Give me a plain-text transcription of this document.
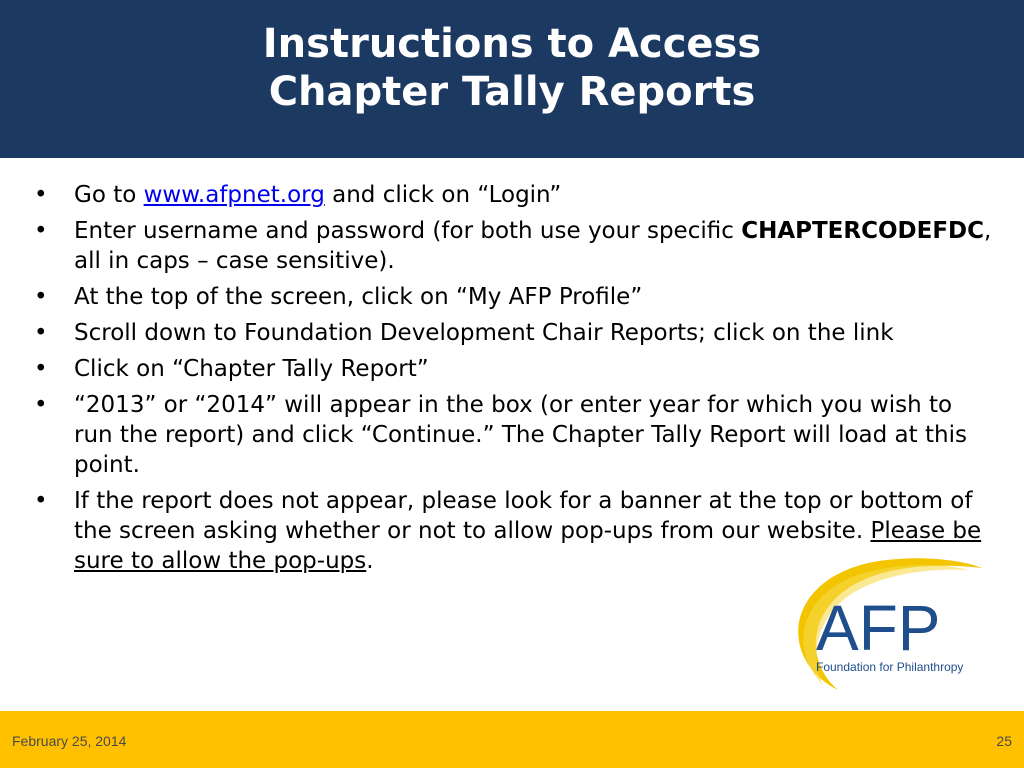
Instructions to Access
Chapter Tally Reports
• Go to www.afpnet.org and click on “Login”
• Enter username and password (for both use your specific CHAPTERCODEFDC, all in caps – case sensitive).
• At the top of the screen, click on “My AFP Profile”
• Scroll down to Foundation Development Chair Reports; click on the link
• Click on “Chapter Tally Report”
• “2013” or “2014” will appear in the box (or enter year for which you wish to run the report) and click “Continue.” The Chapter Tally Report will load at this point.
• If the report does not appear, please look for a banner at the top or bottom of the screen asking whether or not to allow pop-ups from our website. Please be sure to allow the pop-ups.
AFP
Foundation for Philanthropy
February 25, 2014	25
